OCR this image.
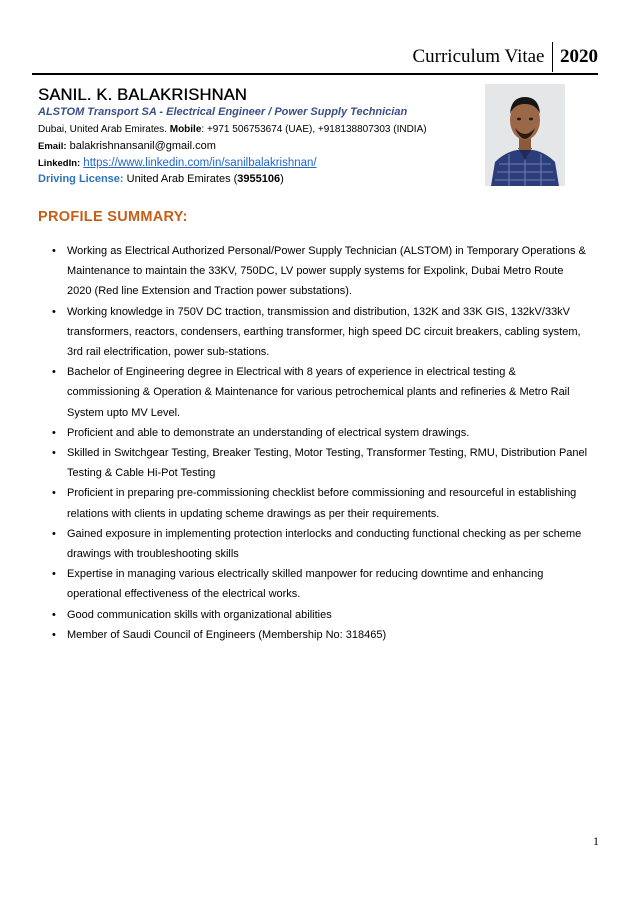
Curriculum Vitae 2020
SANIL. K. BALAKRISHNAN
ALSTOM Transport SA - Electrical Engineer / Power Supply Technician
Dubai, United Arab Emirates. Mobile: +971 506753674 (UAE), +918138807303 (INDIA)
Email: balakrishnansanil@gmail.com
LinkedIn: https://www.linkedin.com/in/sanilbalakrishnan/
Driving License: United Arab Emirates (3955106)
PROFILE SUMMARY:
• Working as Electrical Authorized Personal/Power Supply Technician (ALSTOM) in Temporary Operations & Maintenance to maintain the 33KV, 750DC, LV power supply systems for Expolink, Dubai Metro Route 2020 (Red line Extension and Traction power substations).
• Working knowledge in 750V DC traction, transmission and distribution, 132K and 33K GIS, 132kV/33kV transformers, reactors, condensers, earthing transformer, high speed DC circuit breakers, cabling system, 3rd rail electrification, power sub-stations.
• Bachelor of Engineering degree in Electrical with 8 years of experience in electrical testing & commissioning & Operation & Maintenance for various petrochemical plants and refineries & Metro Rail System upto MV Level.
• Proficient and able to demonstrate an understanding of electrical system drawings.
• Skilled in Switchgear Testing, Breaker Testing, Motor Testing, Transformer Testing, RMU, Distribution Panel Testing & Cable Hi-Pot Testing
• Proficient in preparing pre-commissioning checklist before commissioning and resourceful in establishing relations with clients in updating scheme drawings as per their requirements.
• Gained exposure in implementing protection interlocks and conducting functional checking as per scheme drawings with troubleshooting skills
• Expertise in managing various electrically skilled manpower for reducing downtime and enhancing operational effectiveness of the electrical works.
• Good communication skills with organizational abilities
• Member of Saudi Council of Engineers (Membership No: 318465)
1
